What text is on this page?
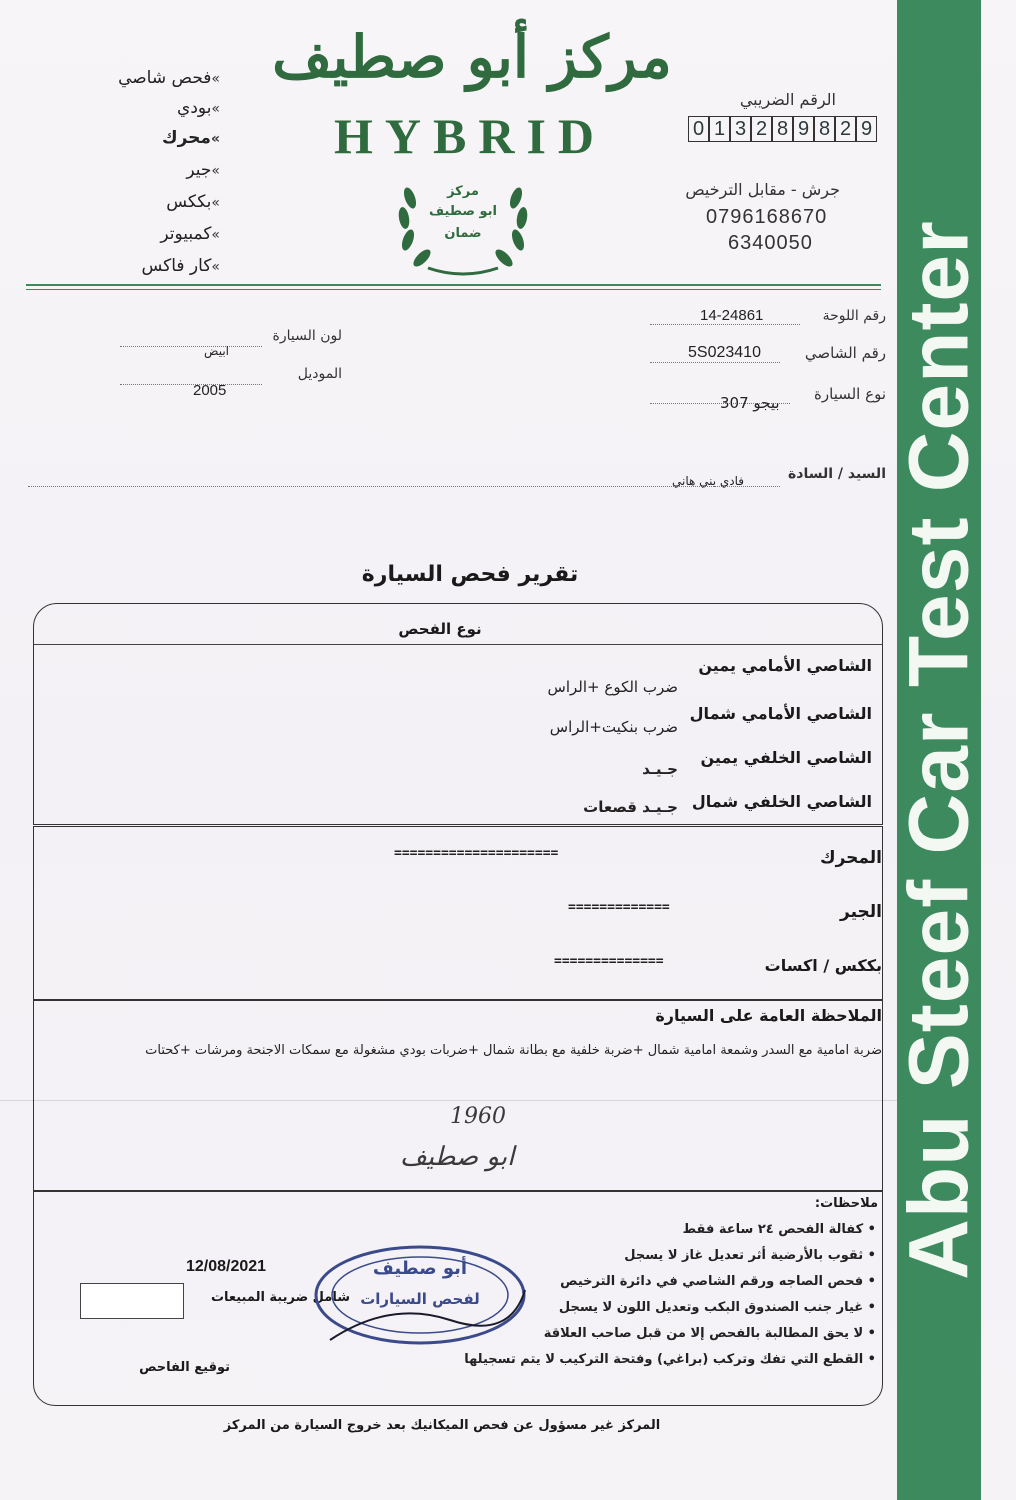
Abu Steef Car Test Center
مركز أبو صطيف
HYBRID
مركز
ابو صطيف
ضمان
»فحص شاصي
»بودي
»محرك
»جير
»بككس
»كمبيوتر
»كار فاكس
الرقم الضريبي
0 1 3 2 8 9 8 2 9
جرش - مقابل الترخيص
0796168670
6340050
رقم اللوحة
14-24861
رقم الشاصي
5S023410
نوع السيارة
بيجو 307
لون السيارة
ابيض
الموديل
2005
السيد / السادة
فادي بني هاني
تقرير فحص السيارة
نوع الفحص
الشاصي الأمامي يمين
ضرب الكوع +الراس
الشاصي الأمامي شمال
ضرب بنكيت+الراس
الشاصي الخلفي يمين
جـيـد
الشاصي الخلفي شمال
جـيـد قصعات
المحرك
=====================
الجير
=============
بككس / اكسات
==============
الملاحظة العامة على السيارة
ضربة امامية مع السدر وشمعة امامية شمال +ضربة خلفية مع بطانة شمال +ضربات بودي مشغولة مع سمكات الاجنحة ومرشات +كحتات
1960
ابو صطيف
ملاحظات:
• كفالة الفحص ٢٤ ساعة فقط
• ثقوب بالأرضية أثر تعديل غاز لا يسجل
• فحص الصاجه ورقم الشاصي في دائرة الترخيص
• غيار جنب الصندوق البكب وتعديل اللون لا يسجل
• لا يحق المطالبة بالفحص إلا من قبل صاحب العلاقة
• القطع التي تفك وتركب (براغي) وفتحة التركيب لا يتم تسجيلها
12/08/2021
شامل ضريبة المبيعات
توقيع الفاحص
أبو صطيف
لفحص السيارات
المركز غير مسؤول عن فحص الميكانيك بعد خروج السيارة من المركز
